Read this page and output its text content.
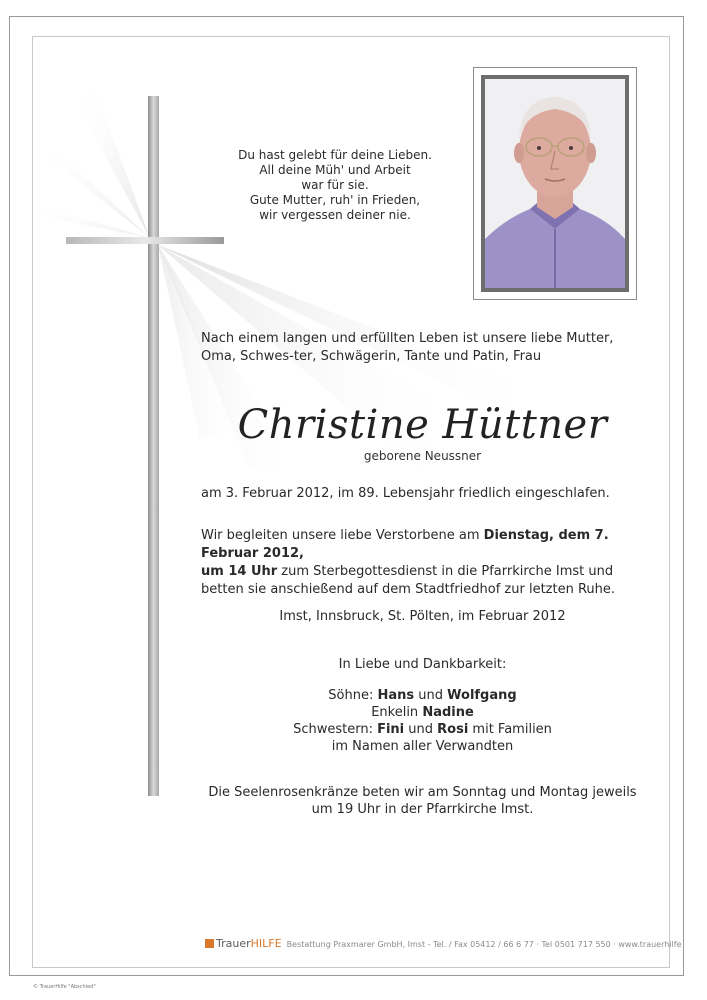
Du hast gelebt für deine Lieben.
All deine Müh' und Arbeit
war für sie.
Gute Mutter, ruh' in Frieden,
wir vergessen deiner nie.
Nach einem langen und erfüllten Leben ist unsere liebe Mutter, Oma, Schwes-ter, Schwägerin, Tante und Patin, Frau
Christine Hüttner
geborene Neussner
am 3. Februar 2012, im 89. Lebensjahr friedlich eingeschlafen.
Wir begleiten unsere liebe Verstorbene am Dienstag, dem 7. Februar 2012,
um 14 Uhr zum Sterbegottesdienst in die Pfarrkirche Imst und betten sie anschießend auf dem Stadtfriedhof zur letzten Ruhe.
Imst, Innsbruck, St. Pölten, im Februar 2012
In Liebe und Dankbarkeit:
Söhne: Hans und Wolfgang
Enkelin Nadine
Schwestern: Fini und Rosi mit Familien
im Namen aller Verwandten
Die Seelenrosenkränze beten wir am Sonntag und Montag jeweils
um 19 Uhr in der Pfarrkirche Imst.
TrauerHILFE Bestattung Praxmarer GmbH, Imst - Tel. / Fax 05412 / 66 6 77 · Tel 0501 717 550 · www.trauerhilfe
© TrauerHilfe "Abschied"
